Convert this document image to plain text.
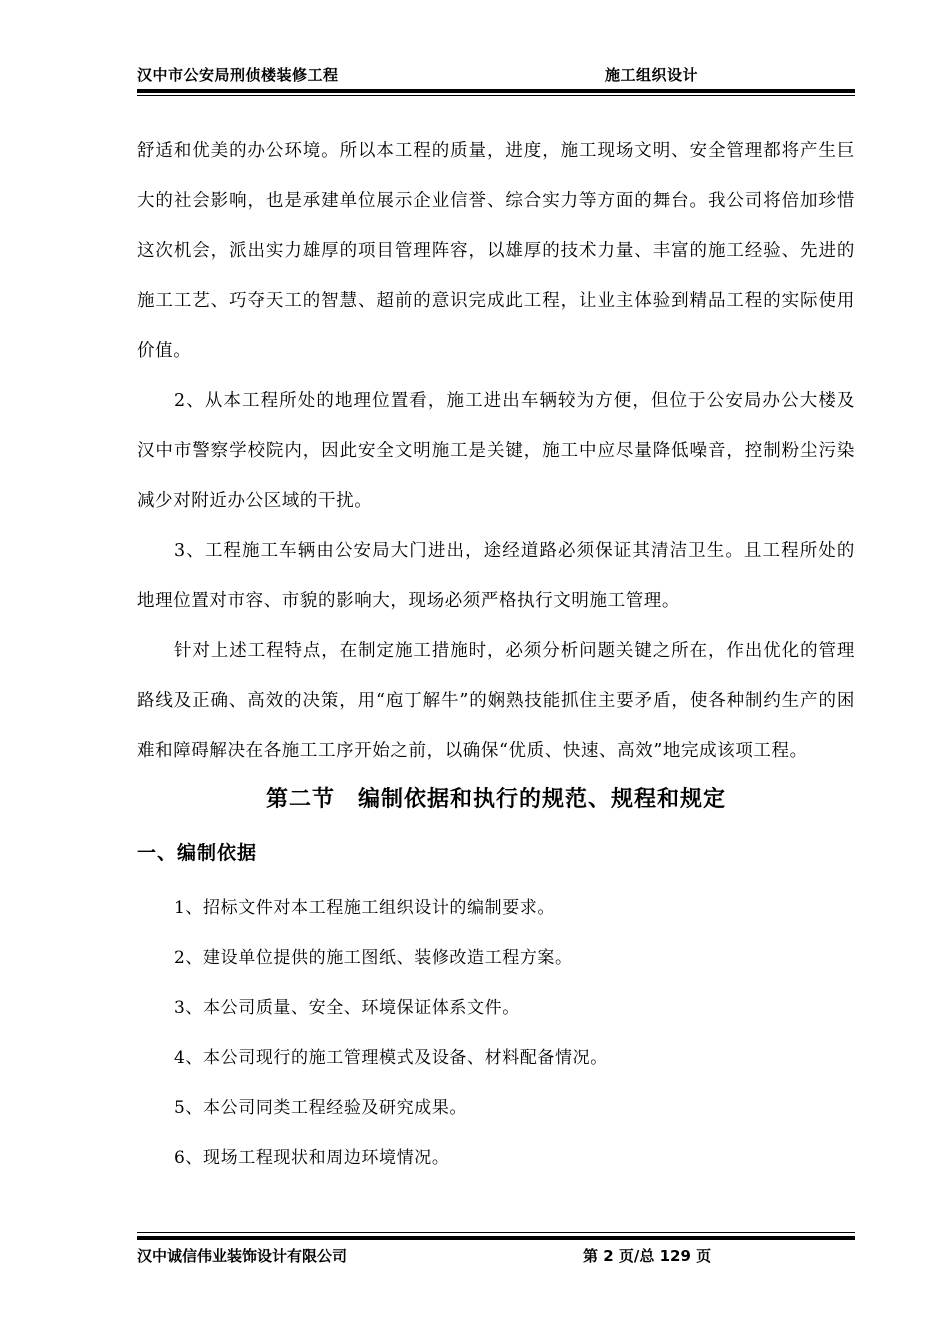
汉中市公安局刑侦楼装修工程	施工组织设计

舒适和优美的办公环境。所以本工程的质量，进度，施工现场文明、安全管理都将产生巨大的社会影响，也是承建单位展示企业信誉、综合实力等方面的舞台。我公司将倍加珍惜这次机会，派出实力雄厚的项目管理阵容，以雄厚的技术力量、丰富的施工经验、先进的施工工艺、巧夺天工的智慧、超前的意识完成此工程，让业主体验到精品工程的实际使用价值。

2、从本工程所处的地理位置看，施工进出车辆较为方便，但位于公安局办公大楼及汉中市警察学校院内，因此安全文明施工是关键，施工中应尽量降低噪音，控制粉尘污染减少对附近办公区域的干扰。

3、工程施工车辆由公安局大门进出，途经道路必须保证其清洁卫生。且工程所处的地理位置对市容、市貌的影响大，现场必须严格执行文明施工管理。

针对上述工程特点，在制定施工措施时，必须分析问题关键之所在，作出优化的管理路线及正确、高效的决策，用“庖丁解牛”的娴熟技能抓住主要矛盾，使各种制约生产的困难和障碍解决在各施工工序开始之前，以确保“优质、快速、高效”地完成该项工程。

第二节　编制依据和执行的规范、规程和规定
一、编制依据
1、招标文件对本工程施工组织设计的编制要求。
2、建设单位提供的施工图纸、装修改造工程方案。
3、本公司质量、安全、环境保证体系文件。
4、本公司现行的施工管理模式及设备、材料配备情况。
5、本公司同类工程经验及研究成果。
6、现场工程现状和周边环境情况。
汉中诚信伟业装饰设计有限公司	第 2 页/总 129 页
